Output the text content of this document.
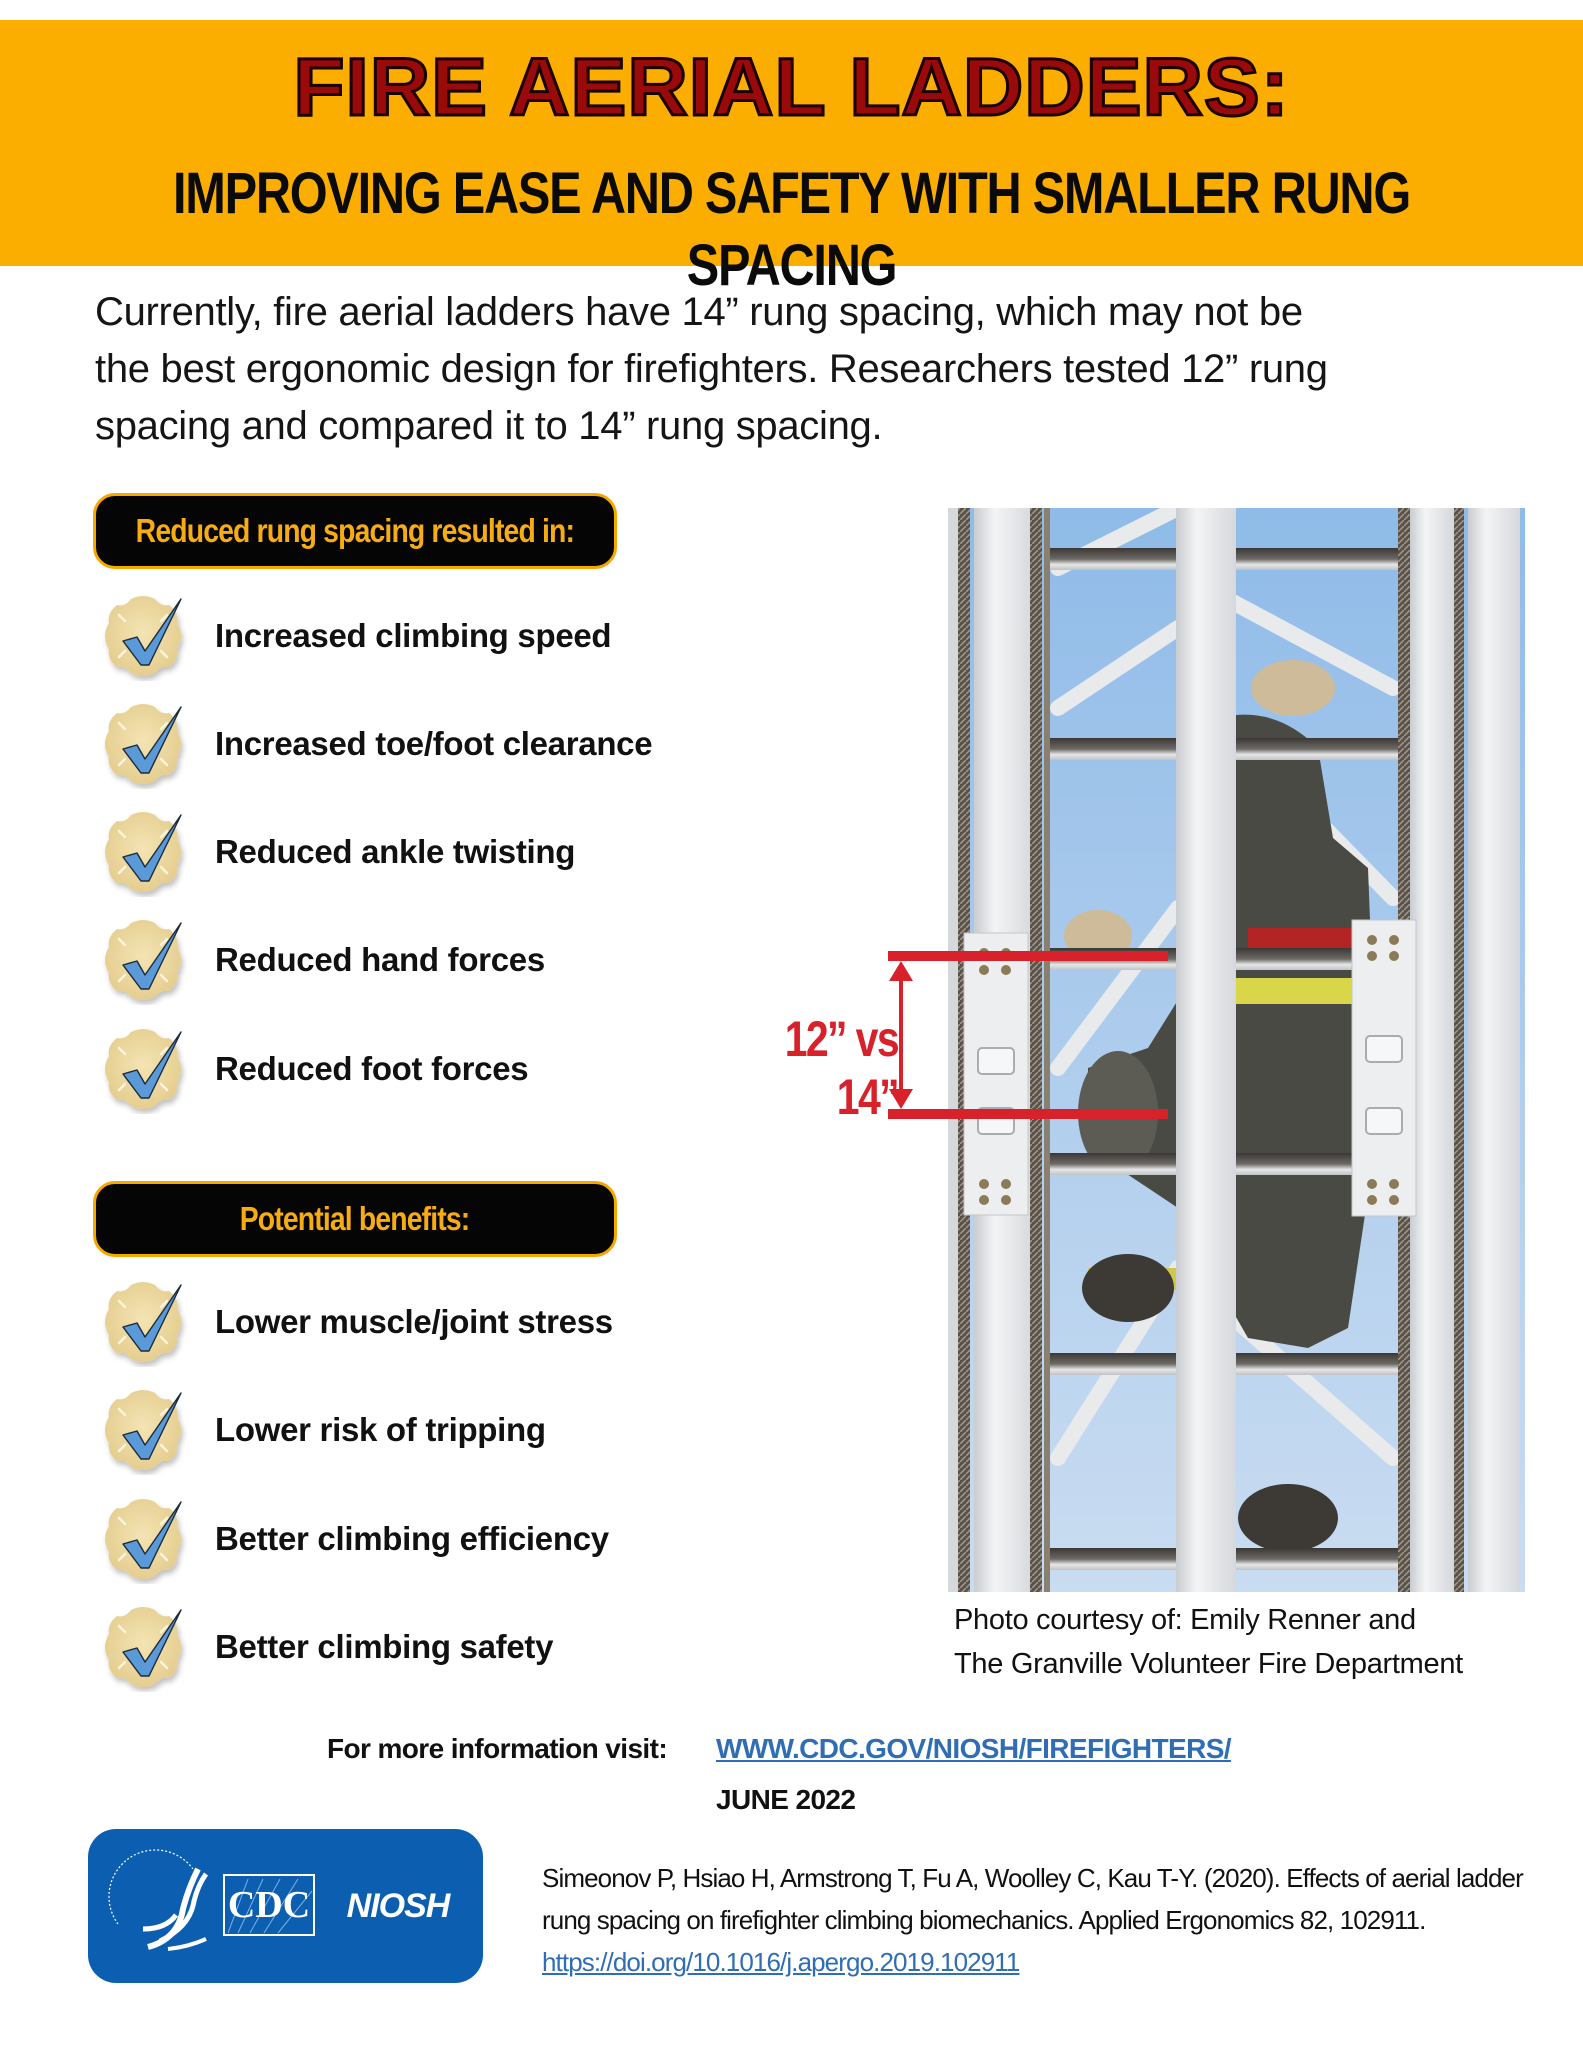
FIRE AERIAL LADDERS:
IMPROVING EASE AND SAFETY WITH SMALLER RUNG SPACING
Currently, fire aerial ladders have 14” rung spacing, which may not be
the best ergonomic design for firefighters. Researchers tested 12” rung
spacing and compared it to 14” rung spacing.
Reduced rung spacing resulted in:
Increased climbing speed
Increased toe/foot clearance
Reduced ankle twisting
Reduced hand forces
Reduced foot forces
Potential benefits:
Lower muscle/joint stress
Lower risk of tripping
Better climbing efficiency
Better climbing safety
12” vs 14”
Photo courtesy of: Emily Renner and
The Granville Volunteer Fire Department
For more information visit: WWW.CDC.GOV/NIOSH/FIREFIGHTERS/
JUNE 2022
CDC NIOSH
Simeonov P, Hsiao H, Armstrong T, Fu A, Woolley C, Kau T-Y. (2020). Effects of aerial ladder
rung spacing on firefighter climbing biomechanics. Applied Ergonomics 82, 102911.
https://doi.org/10.1016/j.apergo.2019.102911
